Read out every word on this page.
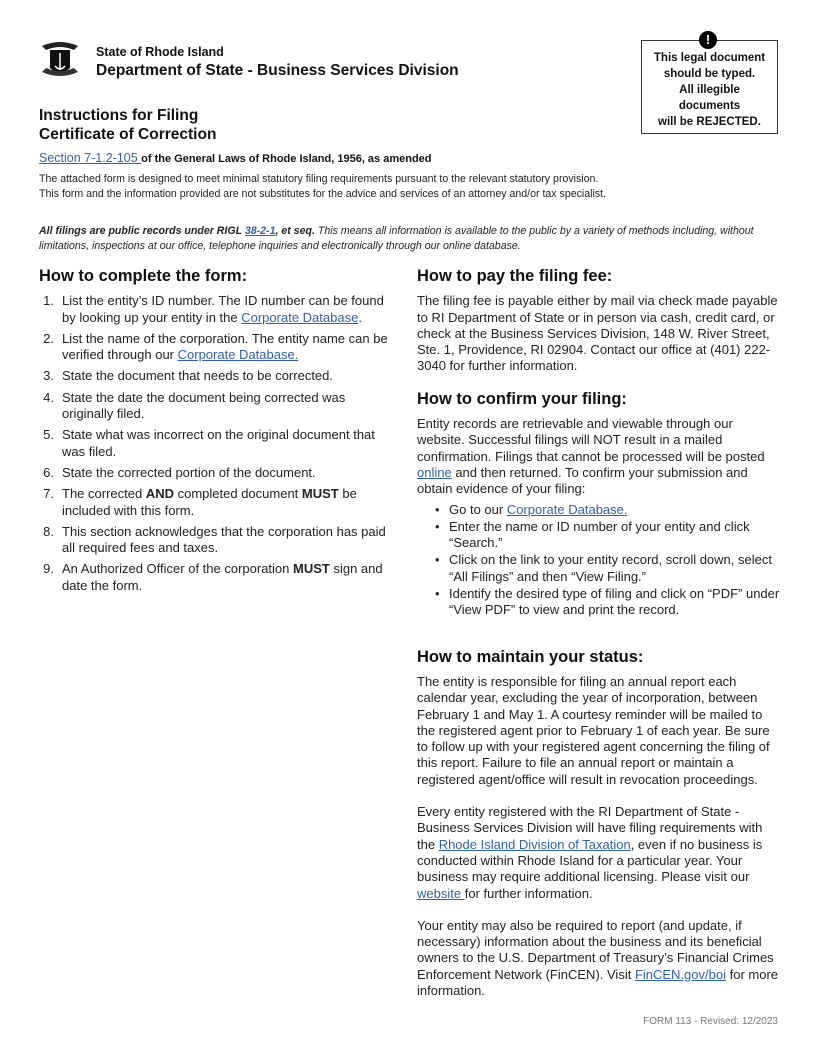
State of Rhode Island
Department of State - Business Services Division
This legal document
should be typed.
All illegible
documents
will be REJECTED.
!
Instructions for Filing
Certificate of Correction
Section 7-1.2-105 of the General Laws of Rhode Island, 1956, as amended
The attached form is designed to meet minimal statutory filing requirements pursuant to the relevant statutory provision.
This form and the information provided are not substitutes for the advice and services of an attorney and/or tax specialist.
All filings are public records under RIGL 38-2-1, et seq. This means all information is available to the public by a variety of methods including, without limitations, inspections at our office, telephone inquiries and electronically through our online database.
How to complete the form:
1. List the entity’s ID number. The ID number can be found by looking up your entity in the Corporate Database.
2. List the name of the corporation. The entity name can be verified through our Corporate Database.
3. State the document that needs to be corrected.
4. State the date the document being corrected was originally filed.
5. State what was incorrect on the original document that was filed.
6. State the corrected portion of the document.
7. The corrected AND completed document MUST be included with this form.
8. This section acknowledges that the corporation has paid all required fees and taxes.
9. An Authorized Officer of the corporation MUST sign and date the form.
How to pay the filing fee:

The filing fee is payable either by mail via check made payable to RI Department of State or in person via cash, credit card, or check at the Business Services Division, 148 W. River Street, Ste. 1, Providence, RI 02904. Contact our office at (401) 222-3040 for further information.

How to confirm your filing:

Entity records are retrievable and viewable through our website. Successful filings will NOT result in a mailed confirmation. Filings that cannot be processed will be posted online and then returned. To confirm your submission and obtain evidence of your filing:

• Go to our Corporate Database.
• Enter the name or ID number of your entity and click “Search.”
• Click on the link to your entity record, scroll down, select “All Filings” and then “View Filing.”
• Identify the desired type of filing and click on “PDF” under “View PDF” to view and print the record.
How to maintain your status:

The entity is responsible for filing an annual report each calendar year, excluding the year of incorporation, between February 1 and May 1. A courtesy reminder will be mailed to the registered agent prior to February 1 of each year. Be sure to follow up with your registered agent concerning the filing of this report. Failure to file an annual report or maintain a registered agent/office will result in revocation proceedings.

Every entity registered with the RI Department of State - Business Services Division will have filing requirements with the Rhode Island Division of Taxation, even if no business is conducted within Rhode Island for a particular year. Your business may require additional licensing. Please visit our website for further information.

Your entity may also be required to report (and update, if necessary) information about the business and its beneficial owners to the U.S. Department of Treasury’s Financial Crimes Enforcement Network (FinCEN). Visit FinCEN.gov/boi for more information.

FORM 113 - Revised: 12/2023
